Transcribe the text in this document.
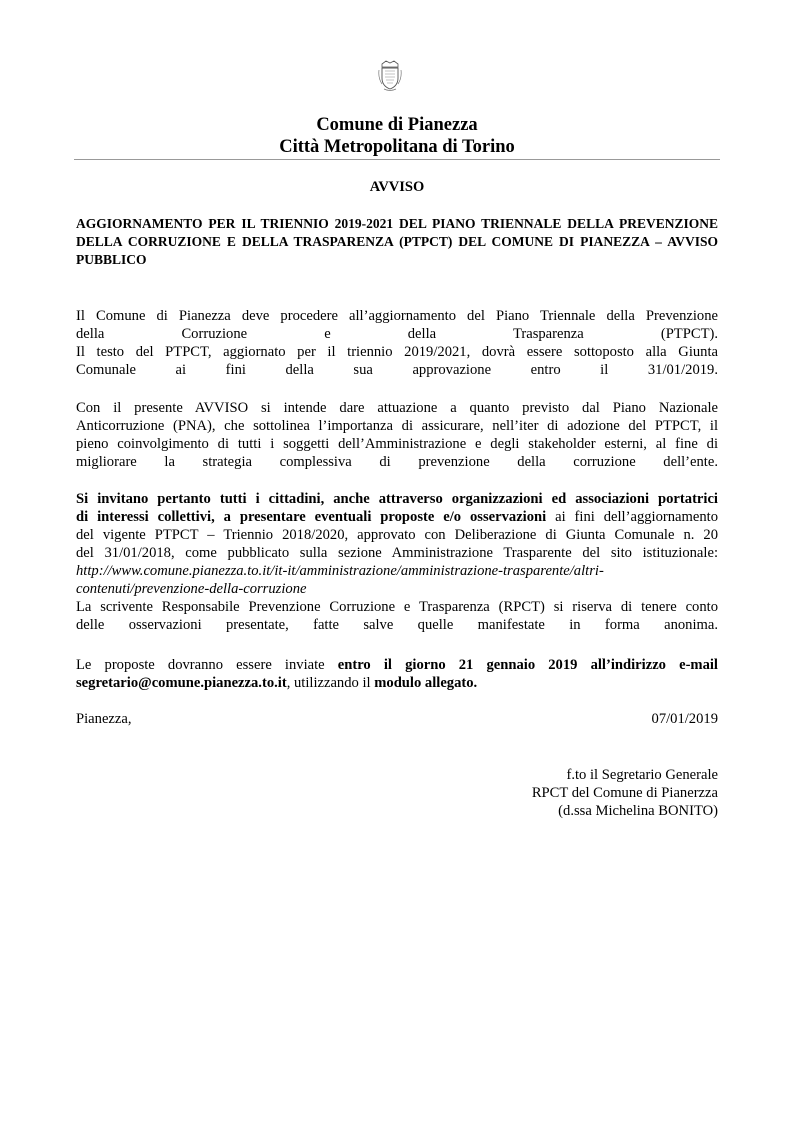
Comune di Pianezza
Città Metropolitana di Torino
AVVISO
AGGIORNAMENTO PER IL TRIENNIO 2019-2021 DEL PIANO TRIENNALE DELLA PREVENZIONE DELLA CORRUZIONE E DELLA TRASPARENZA (PTPCT) DEL COMUNE DI PIANEZZA – AVVISO PUBBLICO
Il Comune di Pianezza deve procedere all’aggiornamento del Piano Triennale della Prevenzione
della Corruzione e della Trasparenza (PTPCT).
Il testo del PTPCT, aggiornato per il triennio 2019/2021, dovrà essere sottoposto alla Giunta
Comunale ai fini della sua approvazione entro il 31/01/2019.
Con il presente AVVISO si intende dare attuazione a quanto previsto dal Piano Nazionale
Anticorruzione (PNA), che sottolinea l’importanza di assicurare, nell’iter di adozione del PTPCT, il
pieno coinvolgimento di tutti i soggetti dell’Amministrazione e degli stakeholder esterni, al fine di
migliorare la strategia complessiva di prevenzione della corruzione dell’ente.
Si invitano pertanto tutti i cittadini, anche attraverso organizzazioni ed associazioni portatrici
di interessi collettivi, a presentare eventuali proposte e/o osservazioni ai fini dell’aggiornamento
del vigente PTPCT – Triennio 2018/2020, approvato con Deliberazione di Giunta Comunale n. 20
del 31/01/2018, come pubblicato sulla sezione Amministrazione Trasparente del sito istituzionale:
http://www.comune.pianezza.to.it/it-it/amministrazione/amministrazione-trasparente/altri-
contenuti/prevenzione-della-corruzione
La scrivente Responsabile Prevenzione Corruzione e Trasparenza (RPCT) si riserva di tenere conto
delle osservazioni presentate, fatte salve quelle manifestate in forma anonima.
Le proposte dovranno essere inviate entro il giorno 21 gennaio 2019 all’indirizzo e-mail
segretario@comune.pianezza.to.it, utilizzando il modulo allegato.
Pianezza,	07/01/2019
f.to il Segretario Generale
RPCT del Comune di Pianerzza
(d.ssa Michelina BONITO)
